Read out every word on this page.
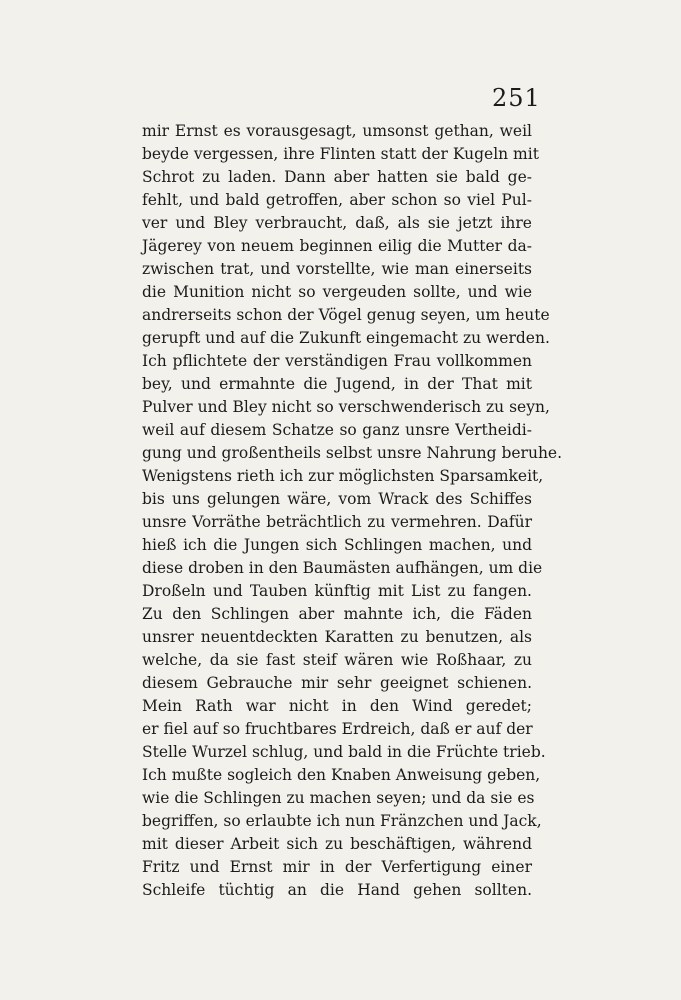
251
mir Ernst es vorausgesagt, umsonst gethan, weil
beyde vergessen, ihre Flinten statt der Kugeln mit
Schrot zu laden. Dann aber hatten sie bald ge-
fehlt, und bald getroffen, aber schon so viel Pul-
ver und Bley verbraucht, daß, als sie jetzt ihre
Jägerey von neuem beginnen eilig die Mutter da-
zwischen trat, und vorstellte, wie man einerseits
die Munition nicht so vergeuden sollte, und wie
andrerseits schon der Vögel genug seyen, um heute
gerupft und auf die Zukunft eingemacht zu werden.
Ich pflichtete der verständigen Frau vollkommen
bey, und ermahnte die Jugend, in der That mit
Pulver und Bley nicht so verschwenderisch zu seyn,
weil auf diesem Schatze so ganz unsre Vertheidi-
gung und großentheils selbst unsre Nahrung beruhe.
Wenigstens rieth ich zur möglichsten Sparsamkeit,
bis uns gelungen wäre, vom Wrack des Schiffes
unsre Vorräthe beträchtlich zu vermehren. Dafür
hieß ich die Jungen sich Schlingen machen, und
diese droben in den Baumästen aufhängen, um die
Droßeln und Tauben künftig mit List zu fangen.
Zu den Schlingen aber mahnte ich, die Fäden
unsrer neuentdeckten Karatten zu benutzen, als
welche, da sie fast steif wären wie Roßhaar, zu
diesem Gebrauche mir sehr geeignet schienen.
Mein Rath war nicht in den Wind geredet;
er fiel auf so fruchtbares Erdreich, daß er auf der
Stelle Wurzel schlug, und bald in die Früchte trieb.
Ich mußte sogleich den Knaben Anweisung geben,
wie die Schlingen zu machen seyen; und da sie es
begriffen, so erlaubte ich nun Fränzchen und Jack,
mit dieser Arbeit sich zu beschäftigen, während
Fritz und Ernst mir in der Verfertigung einer
Schleife tüchtig an die Hand gehen sollten.
